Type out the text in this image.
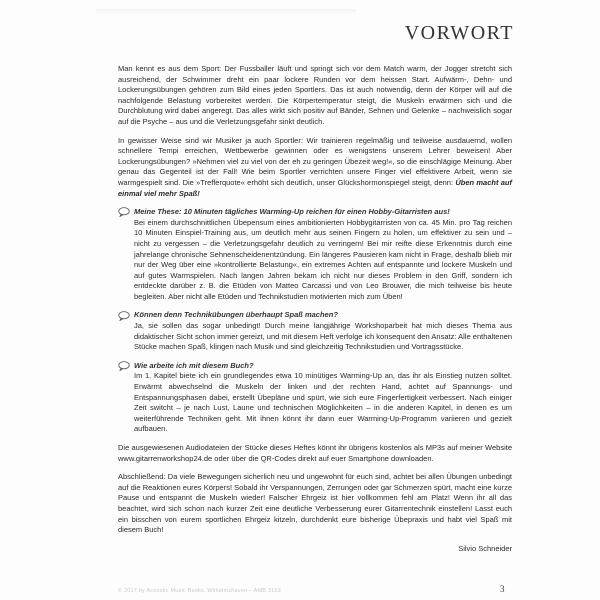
VORWORT

Man kennt es aus dem Sport: Der Fussballer läuft und springt sich vor dem Match warm, der Jogger stretcht sich ausreichend, der Schwimmer dreht ein paar lockere Runden vor dem heissen Start. Aufwärm-, Dehn- und Lockerungsübungen gehören zum Bild eines jeden Sportlers. Das ist auch notwendig, denn der Körper will auf die nachfolgende Belastung vorbereitet werden. Die Körpertemperatur steigt, die Muskeln erwärmen sich und die Durchblutung wird dabei angeregt. Das alles wirkt sich positiv auf Bänder, Sehnen und Gelenke – nachweislich sogar auf die Psyche – aus und die Verletzungsgefahr sinkt deutlich.

In gewisser Weise sind wir Musiker ja auch Sportler: Wir trainieren regelmäßig und teilweise ausdauernd, wollen schnellere Tempi erreichen, Wettbewerbe gewinnen oder es wenigstens unserem Lehrer beweisen! Aber Lockerungsübungen? »Nehmen viel zu viel von der eh zu geringen Übezeit weg!«, so die einschlägige Meinung. Aber genau das Gegenteil ist der Fall! Wie beim Sportler verrichten unsere Finger viel effektivere Arbeit, wenn sie warmgespielt sind. Die »Trefferquote« erhöht sich deutlich, unser Glückshormonspiegel steigt, denn: Üben macht auf einmal viel mehr Spaß!

Meine These: 10 Minuten tägliches Warming-Up reichen für einen Hobby-Gitarristen aus!
Bei einem durchschnittlichen Übepensum eines ambitionierten Hobbygitarristen von ca. 45 Min. pro Tag reichen 10 Minuten Einspiel-Training aus, um deutlich mehr aus seinen Fingern zu holen, um effektiver zu sein und – nicht zu vergessen – die Verletzungsgefahr deutlich zu verringern! Bei mir reifte diese Erkenntnis durch eine jahrelange chronische Sehnenscheidenentzündung. Ein längeres Pausieren kam nicht in Frage, deshalb blieb mir nur der Weg über eine »kontrollierte Belastung«, ein extremes Achten auf entspannte und lockere Muskeln und auf gutes Warmspielen. Nach langen Jahren bekam ich nicht nur dieses Problem in den Griff, sondern ich entdeckte darüber z. B. die Etüden von Matteo Carcassi und von Leo Brouwer, die mich teilweise bis heute begleiten. Aber nicht alle Etüden und Technikstudien motivierten mich zum Üben!
Können denn Technikübungen überhaupt Spaß machen?
Ja, sie sollen das sogar unbedingt! Durch meine langjährige Workshoparbeit hat mich dieses Thema aus didaktischer Sicht schon immer gereizt, und mit diesem Heft verfolge ich konsequent den Ansatz: Alle enthaltenen Stücke machen Spaß, klingen nach Musik und sind gleichzeitig Technikstudien und Vortragsstücke.
Wie arbeite ich mit diesem Buch?
Im 1. Kapitel biete ich ein grundlegendes etwa 10 minütiges Warming-Up an, das ihr als Einstieg nutzen solltet. Erwärmt abwechselnd die Muskeln der linken und der rechten Hand, achtet auf Spannungs- und Entspannungsphasen dabei, erstellt Übepläne und spürt, wie sich eure Fingerfertigkeit verbessert. Nach einiger Zeit switcht – je nach Lust, Laune und technischen Möglichkeiten – in die anderen Kapitel, in denen es um weiterführende Techniken geht. Mit ihnen könnt ihr dann euer Warming-Up-Programm variieren und gezielt aufbauen.

Die ausgewiesenen Audiodateien der Stücke dieses Heftes könnt ihr übrigens kostenlos als MP3s auf meiner Website www.gitarrenworkshop24.de oder über die QR-Codes direkt auf euer Smartphone downloaden.

Abschließend: Da viele Bewegungen sicherlich neu und ungewohnt für euch sind, achtet bei allen Übungen unbedingt auf die Reaktionen eures Körpers! Sobald ihr Verspannungen, Zerrungen oder gar Schmerzen spürt, macht eine kurze Pause und entspannt die Muskeln wieder! Falscher Ehrgeiz ist hier vollkommen fehl am Platz! Wenn ihr all das beachtet, wird sich schon nach kurzer Zeit eine deutliche Verbesserung eurer Gitarrentechnik einstellen! Lasst euch ein bisschen von eurem sportlichen Ehrgeiz kitzeln, durchdenkt eure bisherige Übepraxis und habt viel Spaß mit diesem Buch!

Silvio Schneider
© 2017 by Acoustic Music Books, Wilhelmshaven – AMB 3163	3
